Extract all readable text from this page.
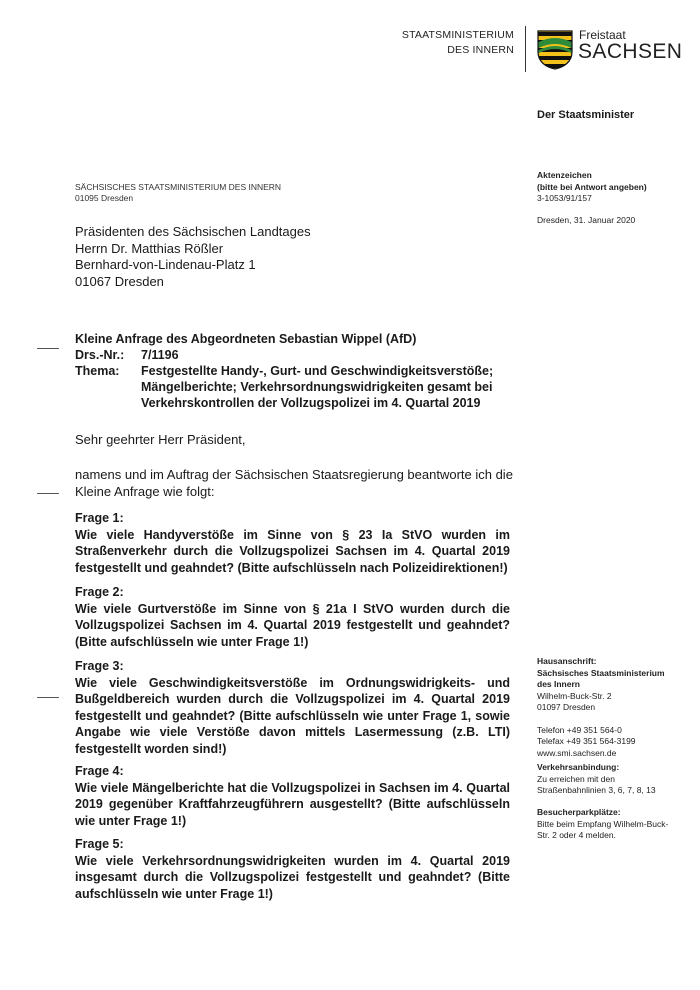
STAATSMINISTERIUM
DES INNERN
Freistaat
SACHSEN
Der Staatsminister
SÄCHSISCHES STAATSMINISTERIUM DES INNERN
01095 Dresden
Aktenzeichen
(bitte bei Antwort angeben)
3-1053/91/157
Dresden, 31. Januar 2020
Präsidenten des Sächsischen Landtages
Herrn Dr. Matthias Rößler
Bernhard-von-Lindenau-Platz 1
01067 Dresden
Kleine Anfrage des Abgeordneten Sebastian Wippel (AfD)
Drs.-Nr.:	7/1196
Thema:	Festgestellte Handy-, Gurt- und Geschwindigkeitsverstöße;
Mängelberichte; Verkehrsordnungswidrigkeiten gesamt bei
Verkehrskontrollen der Vollzugspolizei im 4. Quartal 2019
Sehr geehrter Herr Präsident,
namens und im Auftrag der Sächsischen Staatsregierung beantworte ich die Kleine Anfrage wie folgt:
Frage 1:
Wie viele Handyverstöße im Sinne von § 23 Ia StVO wurden im Straßenverkehr durch die Vollzugspolizei Sachsen im 4. Quartal 2019 festgestellt und geahndet? (Bitte aufschlüsseln nach Polizeidirektionen!)
Frage 2:
Wie viele Gurtverstöße im Sinne von § 21a I StVO wurden durch die Vollzugspolizei Sachsen im 4. Quartal 2019 festgestellt und geahndet? (Bitte aufschlüsseln wie unter Frage 1!)
Frage 3:
Wie viele Geschwindigkeitsverstöße im Ordnungswidrigkeits- und Bußgeldbereich wurden durch die Vollzugspolizei im 4. Quartal 2019 festgestellt und geahndet? (Bitte aufschlüsseln wie unter Frage 1, sowie Angabe wie viele Verstöße davon mittels Lasermessung (z.B. LTI) festgestellt worden sind!)
Frage 4:
Wie viele Mängelberichte hat die Vollzugspolizei in Sachsen im 4. Quartal 2019 gegenüber Kraftfahrzeugführern ausgestellt? (Bitte aufschlüsseln wie unter Frage 1!)
Frage 5:
Wie viele Verkehrsordnungswidrigkeiten wurden im 4. Quartal 2019 insgesamt durch die Vollzugspolizei festgestellt und geahndet? (Bitte aufschlüsseln wie unter Frage 1!)
Hausanschrift:
Sächsisches Staatsministerium
des Innern
Wilhelm-Buck-Str. 2
01097 Dresden
Telefon +49 351 564-0
Telefax +49 351 564-3199
www.smi.sachsen.de
Verkehrsanbindung:
Zu erreichen mit den Straßenbahnlinien 3, 6, 7, 8, 13
Besucherparkplätze:
Bitte beim Empfang Wilhelm-Buck-Str. 2 oder 4 melden.
